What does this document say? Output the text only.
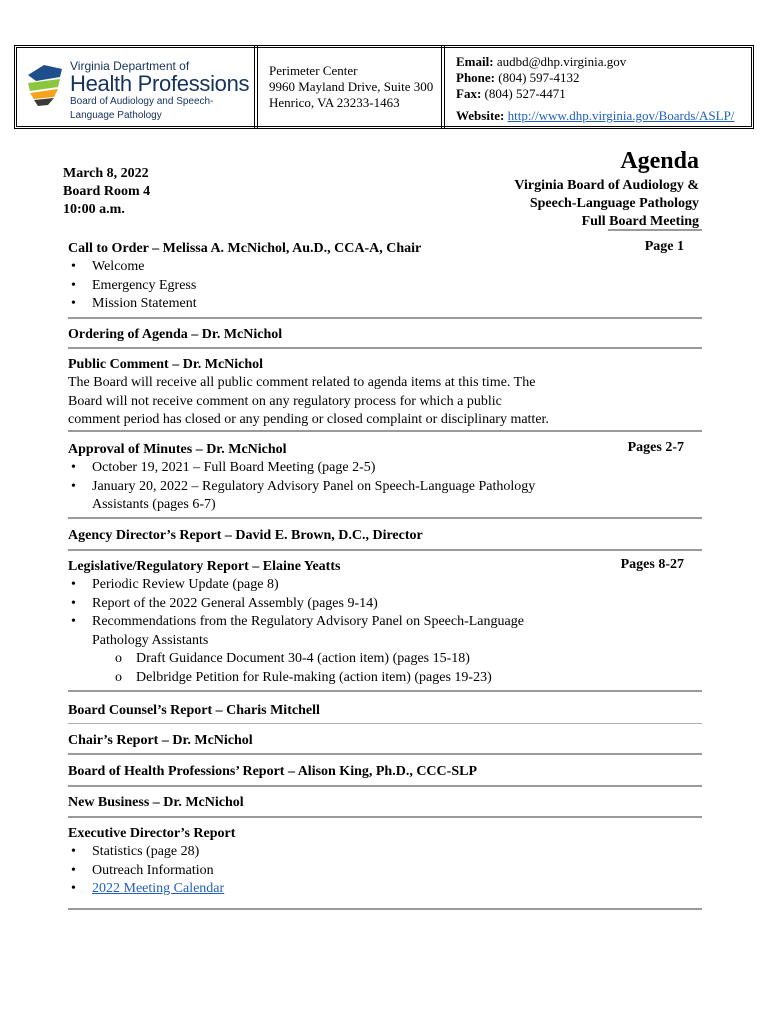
Virginia Department of
Health Professions
Board of Audiology and Speech-Language Pathology
Perimeter Center
9960 Mayland Drive, Suite 300
Henrico, VA 23233-1463
Email: audbd@dhp.virginia.gov
Phone: (804) 597-4132
Fax: (804) 527-4471
Website: http://www.dhp.virginia.gov/Boards/ASLP/
March 8, 2022
Board Room 4
10:00 a.m.
Agenda
Virginia Board of Audiology &
Speech-Language Pathology
Full Board Meeting
Call to Order – Melissa A. McNichol, Au.D., CCA-A, Chair	Page 1
• Welcome
• Emergency Egress
• Mission Statement
Ordering of Agenda – Dr. McNichol
Public Comment – Dr. McNichol
The Board will receive all public comment related to agenda items at this time. The
Board will not receive comment on any regulatory process for which a public
comment period has closed or any pending or closed complaint or disciplinary matter.
Approval of Minutes – Dr. McNichol	Pages 2-7
• October 19, 2021 – Full Board Meeting (page 2-5)
• January 20, 2022 – Regulatory Advisory Panel on Speech-Language Pathology
Assistants (pages 6-7)
Agency Director’s Report – David E. Brown, D.C., Director
Legislative/Regulatory Report – Elaine Yeatts	Pages 8-27
• Periodic Review Update (page 8)
• Report of the 2022 General Assembly (pages 9-14)
• Recommendations from the Regulatory Advisory Panel on Speech-Language
Pathology Assistants
o Draft Guidance Document 30-4 (action item) (pages 15-18)
o Delbridge Petition for Rule-making (action item) (pages 19-23)
Board Counsel’s Report – Charis Mitchell
Chair’s Report – Dr. McNichol
Board of Health Professions’ Report – Alison King, Ph.D., CCC-SLP
New Business – Dr. McNichol
Executive Director’s Report
• Statistics (page 28)
• Outreach Information
• 2022 Meeting Calendar
